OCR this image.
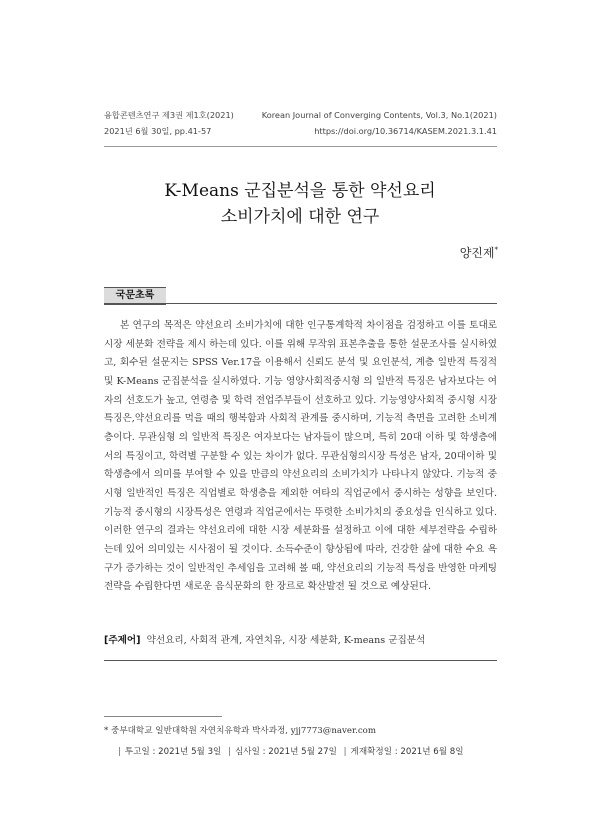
융합콘텐츠연구 제3권 제1호(2021)
2021년 6월 30일, pp.41-57
Korean Journal of Converging Contents, Vol.3, No.1(2021)
https://doi.org/10.36714/KASEM.2021.3.1.41
K-Means 군집분석을 통한 약선요리
소비가치에 대한 연구
양진제*
국문초록

본 연구의 목적은 약선요리 소비가치에 대한 인구통계학적 차이점을 검정하고 이를 토대로 시장 세분화 전략을 제시 하는데 있다. 이를 위해 무작위 표본추출을 통한 설문조사를 실시하였고, 회수된 설문지는 SPSS Ver.17을 이용해서 신뢰도 분석 및 요인분석, 계층 일반적 특징적 및 K-Means 군집분석을 실시하였다. 기능 영양사회적중시형 의 일반적 특징은 남자보다는 여자의 선호도가 높고, 연령층 및 학력 전업주부들이 선호하고 있다. 기능영양사회적 중시형 시장 특징은,약선요리를 먹을 때의 행복함과 사회적 관계를 중시하며, 기능적 측면을 고려한 소비계층이다. 무관심형 의 일반적 특징은 여자보다는 남자들이 많으며, 특히 20대 이하 및 학생층에서의 특징이고, 학력별 구분할 수 있는 차이가 없다. 무관심형의시장 특성은 남자, 20대이하 및 학생층에서 의미를 부여할 수 있을 만큼의 약선요리의 소비가치가 나타나지 않았다. 기능적 중시형 일반적인 특징은 직업별로 학생층을 제외한 여타의 직업군에서 중시하는 성향을 보인다. 기능적 중시형의 시장특성은 연령과 직업군에서는 뚜렷한 소비가치의 중요성을 인식하고 있다. 이러한 연구의 결과는 약선요리에 대한 시장 세분화를 설정하고 이에 대한 세부전략을 수립하는데 있어 의미있는 시사점이 될 것이다. 소득수준이 향상됨에 따라, 건강한 삶에 대한 수요 욕구가 증가하는 것이 일반적인 추세임을 고려해 볼 때, 약선요리의 기능적 특성을 반영한 마케팅 전략을 수립한다면 새로운 음식문화의 한 장르로 확산발전 될 것으로 예상된다.

[주제어] 약선요리, 사회적 관계, 자연치유, 시장 세분화, K-means 군집분석
* 중부대학교 일반대학원 자연치유학과 박사과정, yjj7773@naver.com
| 투고일 : 2021년 5월 3일 | 심사일 : 2021년 5월 27일 | 게재확정일 : 2021년 6월 8일
